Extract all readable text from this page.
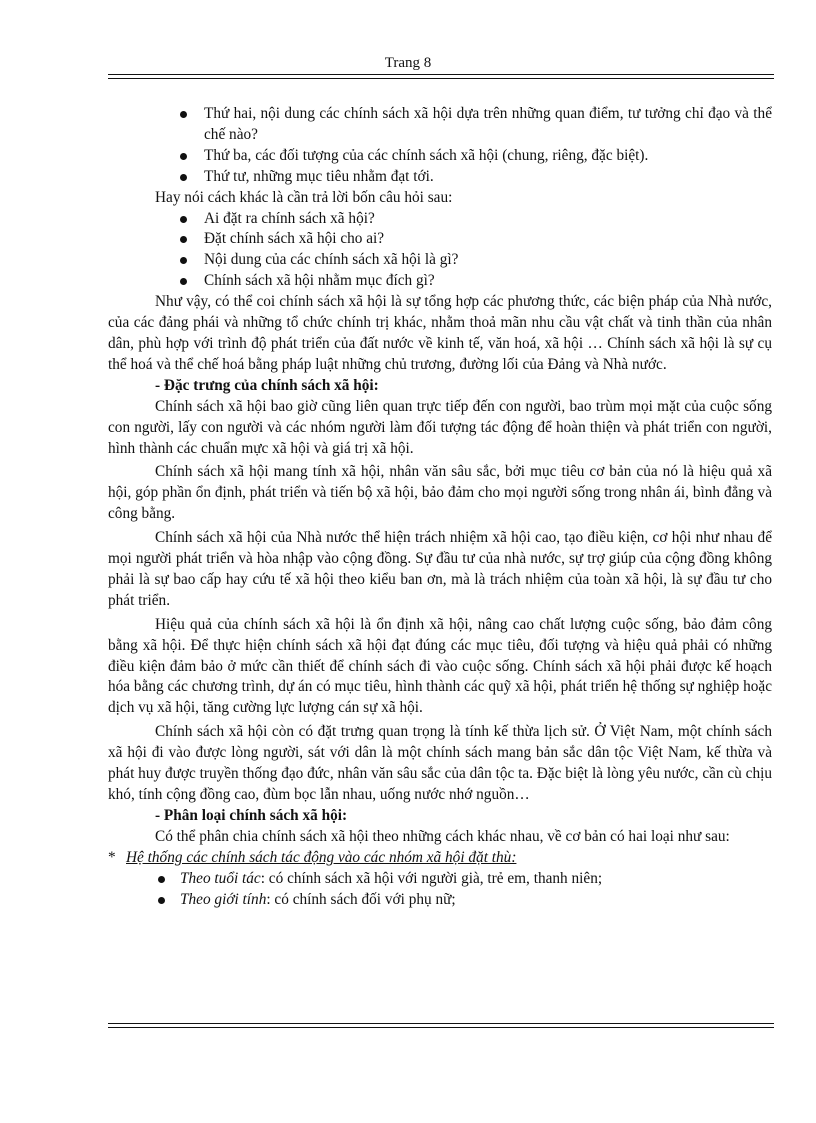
Trang 8
Thứ hai, nội dung các chính sách xã hội dựa trên những quan điểm, tư tưởng chỉ đạo và thể chế nào?
Thứ ba, các đối tượng của các chính sách xã hội (chung, riêng, đặc biệt).
Thứ tư, những mục tiêu nhằm đạt tới.

Hay nói cách khác là cần trả lời bốn câu hỏi sau:

Ai đặt ra chính sách xã hội?
Đặt chính sách xã hội cho ai?
Nội dung của các chính sách xã hội là gì?
Chính sách xã hội nhằm mục đích gì?

Như vậy, có thể coi chính sách xã hội là sự tổng hợp các phương thức, các biện pháp của Nhà nước, của các đảng phái và những tổ chức chính trị khác, nhằm thoả mãn nhu cầu vật chất và tinh thần của nhân dân, phù hợp với trình độ phát triển của đất nước về kinh tế, văn hoá, xã hội … Chính sách xã hội là sự cụ thể hoá và thể chế hoá bằng pháp luật những chủ trương, đường lối của Đảng và Nhà nước.

- Đặc trưng của chính sách xã hội:

Chính sách xã hội bao giờ cũng liên quan trực tiếp đến con người, bao trùm mọi mặt của cuộc sống con người, lấy con người và các nhóm người làm đối tượng tác động để hoàn thiện và phát triển con người, hình thành các chuẩn mực xã hội và giá trị xã hội.

Chính sách xã hội mang tính xã hội, nhân văn sâu sắc, bởi mục tiêu cơ bản của nó là hiệu quả xã hội, góp phần ổn định, phát triển và tiến bộ xã hội, bảo đảm cho mọi người sống trong nhân ái, bình đẳng và công bằng.

Chính sách xã hội của Nhà nước thể hiện trách nhiệm xã hội cao, tạo điều kiện, cơ hội như nhau để mọi người phát triển và hòa nhập vào cộng đồng. Sự đầu tư của nhà nước, sự trợ giúp của cộng đồng không phải là sự bao cấp hay cứu tế xã hội theo kiểu ban ơn, mà là trách nhiệm của toàn xã hội, là sự đầu tư cho phát triển.

Hiệu quả của chính sách xã hội là ổn định xã hội, nâng cao chất lượng cuộc sống, bảo đảm công bằng xã hội. Để thực hiện chính sách xã hội đạt đúng các mục tiêu, đối tượng và hiệu quả phải có những điều kiện đảm bảo ở mức cần thiết để chính sách đi vào cuộc sống. Chính sách xã hội phải được kế hoạch hóa bằng các chương trình, dự án có mục tiêu, hình thành các quỹ xã hội, phát triển hệ thống sự nghiệp hoặc dịch vụ xã hội, tăng cường lực lượng cán sự xã hội.

Chính sách xã hội còn có đặt trưng quan trọng là tính kế thừa lịch sử. Ở Việt Nam, một chính sách xã hội đi vào được lòng người, sát với dân là một chính sách mang bản sắc dân tộc Việt Nam, kế thừa và phát huy được truyền thống đạo đức, nhân văn sâu sắc của dân tộc ta. Đặc biệt là lòng yêu nước, cần cù chịu khó, tính cộng đồng cao, đùm bọc lẫn nhau, uống nước nhớ nguồn…

- Phân loại chính sách xã hội:

Có thể phân chia chính sách xã hội theo những cách khác nhau, về cơ bản có hai loại như sau:

* Hệ thống các chính sách tác động vào các nhóm xã hội đặt thù:

Theo tuổi tác: có chính sách xã hội với người già, trẻ em, thanh niên;
Theo giới tính: có chính sách đối với phụ nữ;
